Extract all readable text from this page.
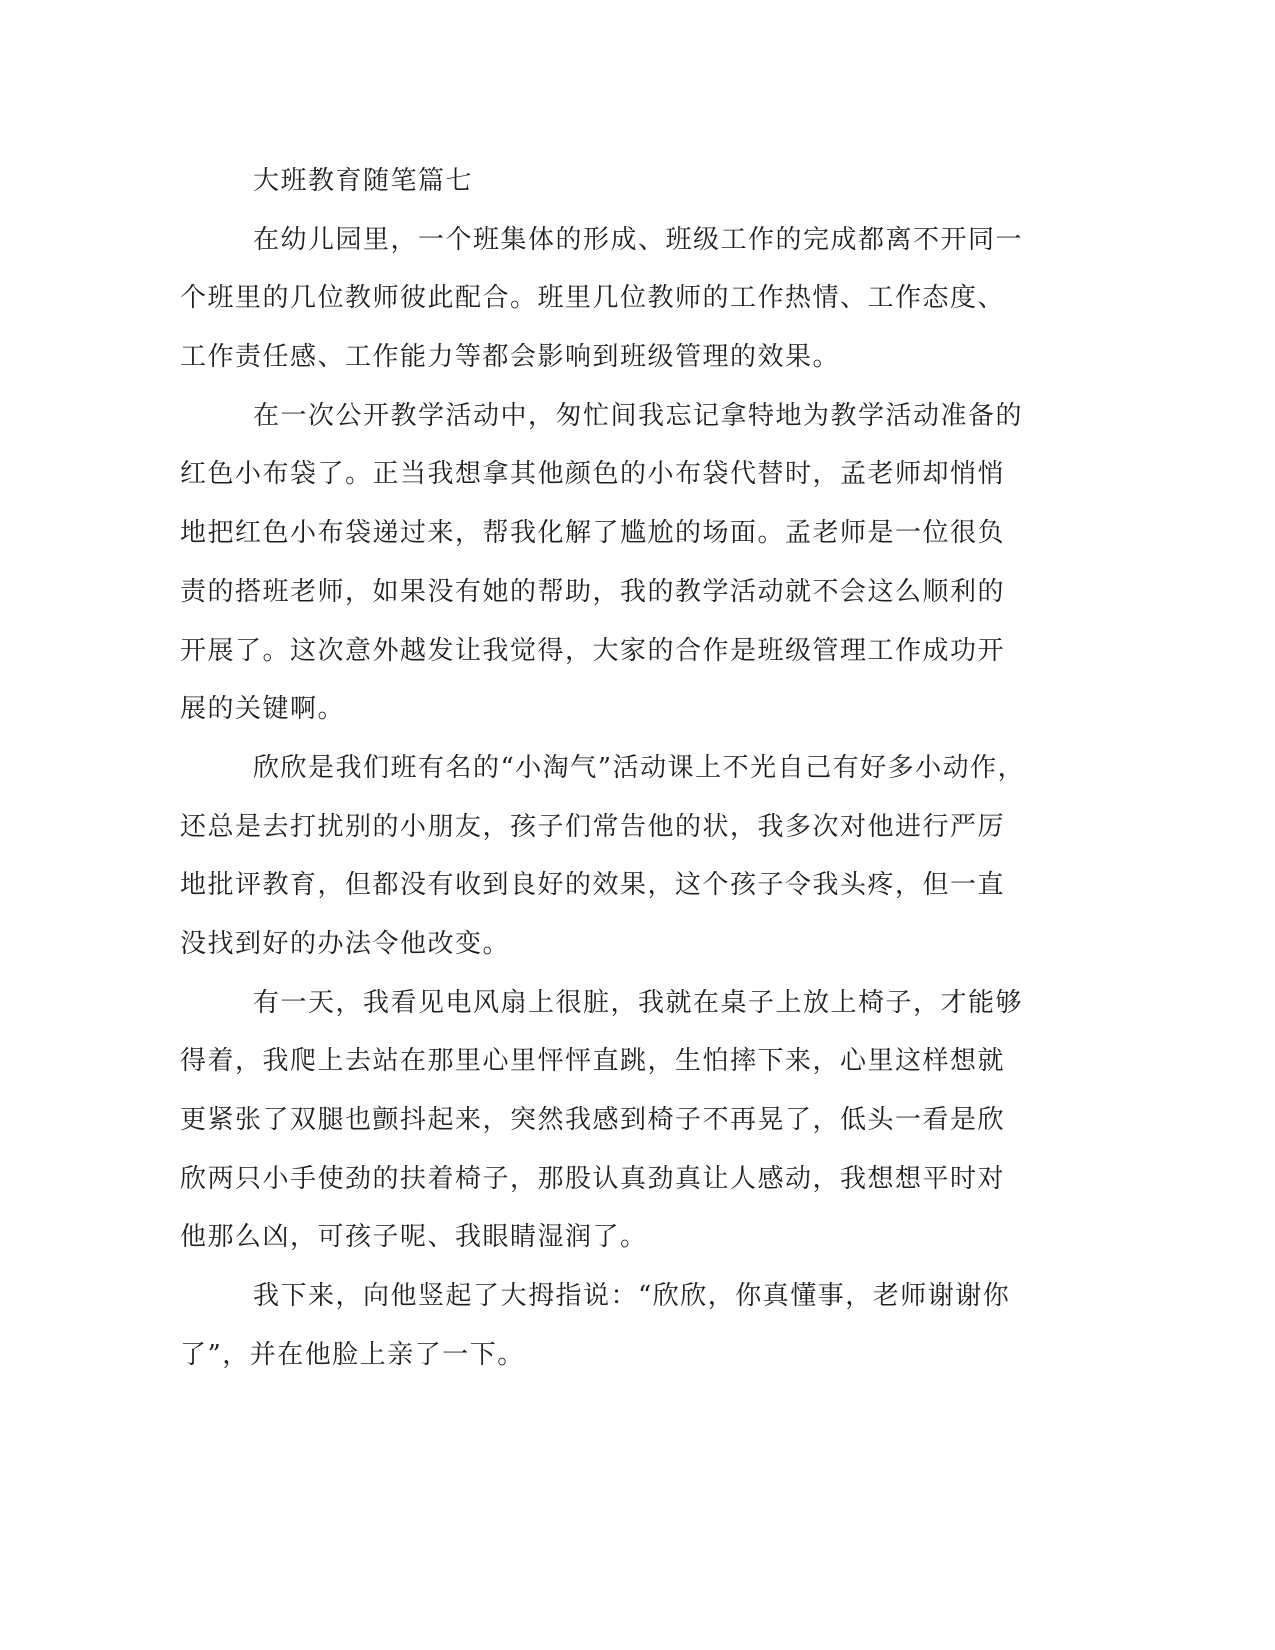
大班教育随笔篇七
在幼儿园里，一个班集体的形成、班级工作的完成都离不开同一
个班里的几位教师彼此配合。班里几位教师的工作热情、工作态度、
工作责任感、工作能力等都会影响到班级管理的效果。
在一次公开教学活动中，匆忙间我忘记拿特地为教学活动准备的
红色小布袋了。正当我想拿其他颜色的小布袋代替时，孟老师却悄悄
地把红色小布袋递过来，帮我化解了尴尬的场面。孟老师是一位很负
责的搭班老师，如果没有她的帮助，我的教学活动就不会这么顺利的
开展了。这次意外越发让我觉得，大家的合作是班级管理工作成功开
展的关键啊。
欣欣是我们班有名的“小淘气”活动课上不光自己有好多小动作，
还总是去打扰别的小朋友，孩子们常告他的状，我多次对他进行严厉
地批评教育，但都没有收到良好的效果，这个孩子令我头疼，但一直
没找到好的办法令他改变。
有一天，我看见电风扇上很脏，我就在桌子上放上椅子，才能够
得着，我爬上去站在那里心里怦怦直跳，生怕摔下来，心里这样想就
更紧张了双腿也颤抖起来，突然我感到椅子不再晃了，低头一看是欣
欣两只小手使劲的扶着椅子，那股认真劲真让人感动，我想想平时对
他那么凶，可孩子呢、我眼睛湿润了。
我下来，向他竖起了大拇指说：“欣欣，你真懂事，老师谢谢你
了”，并在他脸上亲了一下。
